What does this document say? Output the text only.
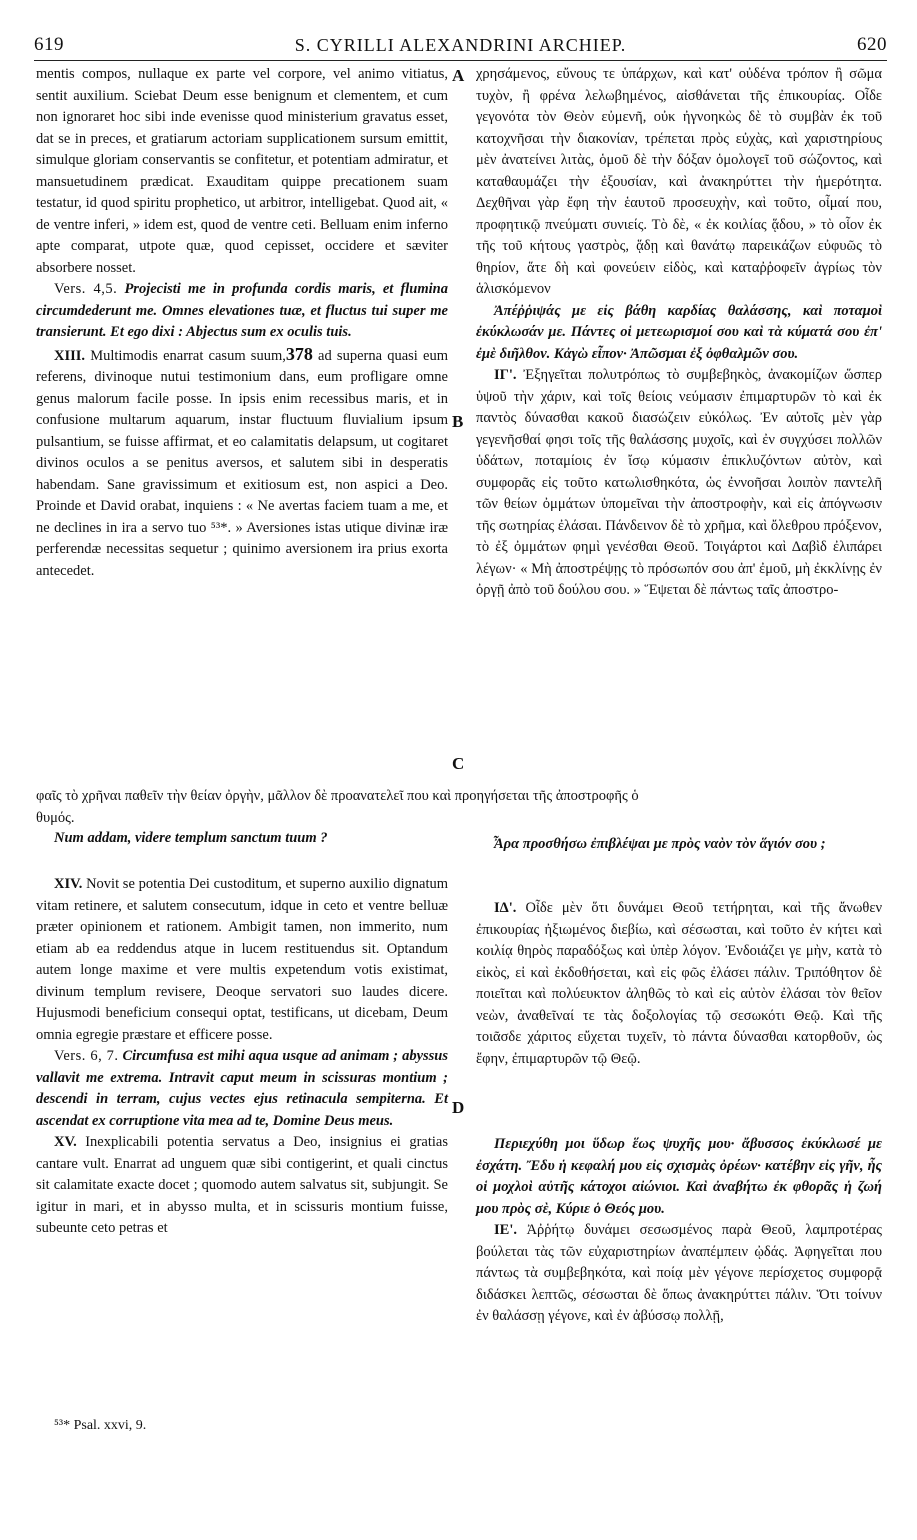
619	S. CYRILLI ALEXANDRINI ARCHIEP.	620
A
B
C
D

mentis compos, nullaque ex parte vel corpore, vel animo vitiatus, sentit auxilium. Sciebat Deum esse benignum et clementem, et cum non ignoraret hoc sibi inde evenisse quod ministerium gravatus esset, dat se in preces, et gratiarum actoriam supplicationem sursum emittit, simulque gloriam conservantis se confitetur, et potentiam admiratur, et mansuetudinem prædicat. Exauditam quippe precationem suam testatur, id quod spiritu prophetico, ut arbitror, intelligebat. Quod ait, « de ventre inferi, » idem est, quod de ventre ceti. Belluam enim inferno apte comparat, utpote quæ, quod cepisset, occidere et sæviter absorbere nosset.

Vers. 4,5. Projecisti me in profunda cordis maris, et flumina circumdederunt me. Omnes elevationes tuæ, et fluctus tui super me transierunt. Et ego dixi : Abjectus sum ex oculis tuis.

XIII. Multimodis enarrat casum suum,378 ad superna quasi eum referens, divinoque nutui testimonium dans, eum profligare omne genus malorum facile posse. In ipsis enim recessibus maris, et in confusione multarum aquarum, instar fluctuum fluvialium ipsum pulsantium, se fuisse affirmat, et eo calamitatis delapsum, ut cogitaret divinos oculos a se penitus aversos, et salutem sibi in desperatis habendam. Sane gravissimum et exitiosum est, non aspici a Deo. Proinde et David orabat, inquiens : « Ne avertas faciem tuam a me, et ne declines in ira a servo tuo ⁵³*. » Aversiones istas utique divinæ iræ perferendæ necessitas sequetur ; quinimo aversionem ira prius exorta antecedet.

Num addam, videre templum sanctum tuum ?

XIV. Novit se potentia Dei custoditum, et superno auxilio dignatum vitam retinere, et salutem consecutum, idque in ceto et ventre belluæ præter opinionem et rationem. Ambigit tamen, non immerito, num etiam ab ea reddendus atque in lucem restituendus sit. Optandum autem longe maxime et vere multis expetendum votis existimat, divinum templum revisere, Deoque servatori suo laudes dicere. Hujusmodi beneficium consequi optat, testificans, ut dicebam, Deum omnia egregie præstare et efficere posse.

Vers. 6, 7. Circumfusa est mihi aqua usque ad animam ; abyssus vallavit me extrema. Intravit caput meum in scissuras montium ; descendi in terram, cujus vectes ejus retinacula sempiterna. Et ascendat ex corruptione vita mea ad te, Domine Deus meus.

XV. Inexplicabili potentia servatus a Deo, insignius ei gratias cantare vult. Enarrat ad unguem quæ sibi contigerint, et quali cinctus sit calamitate exacte docet ; quomodo autem salvatus sit, subjungit. Se igitur in mari, et in abysso multa, et in scissuris montium fuisse, subeunte ceto petras et

χρησάμενος, εὔνους τε ὑπάρχων, καὶ κατ' οὐδένα τρόπον ἢ σῶμα τυχὸν, ἢ φρένα λελωβημένος, αἰσθάνεται τῆς ἐπικουρίας. Οἶδε γεγονότα τὸν Θεὸν εὐμενῆ, οὐκ ἠγνοηκὼς δὲ τὸ συμβὰν ἐκ τοῦ κατοχνῆσαι τὴν διακονίαν, τρέπεται πρὸς εὐχὰς, καὶ χαριστηρίους μὲν ἀνατείνει λιτὰς, ὁμοῦ δὲ τὴν δόξαν ὁμολογεῖ τοῦ σώζοντος, καὶ καταθαυμάζει τὴν ἐξουσίαν, καὶ ἀνακηρύττει τὴν ἡμερότητα. Δεχθῆναι γὰρ ἔφη τὴν ἑαυτοῦ προσευχὴν, καὶ τοῦτο, οἶμαί που, προφητικῷ πνεύματι συνιείς. Τὸ δὲ, « ἐκ κοιλίας ᾅδου, » τὸ οἷον ἐκ τῆς τοῦ κήτους γαστρὸς, ᾅδῃ καὶ θανάτῳ παρεικάζων εὐφυῶς τὸ θηρίον, ἅτε δὴ καὶ φονεύειν εἰδὸς, καὶ καταῤῥοφεῖν ἀγρίως τὸν ἁλισκόμενον

Ἀπέῤῥιψάς με εἰς βάθη καρδίας θαλάσσης, καὶ ποταμοὶ ἐκύκλωσάν με. Πάντες οἱ μετεωρισμοί σου καὶ τὰ κύματά σου ἐπ' ἐμὲ διῆλθον. Κἀγὼ εἶπον· Ἀπῶσμαι ἐξ ὀφθαλμῶν σου.

ΙΓ'. Ἐξηγεῖται πολυτρόπως τὸ συμβεβηκὸς, ἀνακομίζων ὥσπερ ὑψοῦ τὴν χάριν, καὶ τοῖς θείοις νεύμασιν ἐπιμαρτυρῶν τὸ καὶ ἐκ παντὸς δύνασθαι κακοῦ διασώζειν εὐκόλως. Ἐν αὐτοῖς μὲν γὰρ γεγενῆσθαί φησι τοῖς τῆς θαλάσσης μυχοῖς, καὶ ἐν συγχύσει πολλῶν ὑδάτων, ποταμίοις ἐν ἴσῳ κύμασιν ἐπικλυζόντων αὐτὸν, καὶ συμφορᾶς εἰς τοῦτο κατωλισθηκότα, ὡς ἐννοῆσαι λοιπὸν παντελῆ τῶν θείων ὀμμάτων ὑπομεῖναι τὴν ἀποστροφὴν, καὶ εἰς ἀπόγνωσιν τῆς σωτηρίας ἐλάσαι. Πάνδεινον δὲ τὸ χρῆμα, καὶ ὄλεθρου πρόξενον, τὸ ἐξ ὀμμάτων φημὶ γενέσθαι Θεοῦ. Τοιγάρτοι καὶ Δαβὶδ ἐλιπάρει λέγων· « Μὴ ἀποστρέψῃς τὸ πρόσωπόν σου ἀπ' ἐμοῦ, μὴ ἐκκλίνῃς ἐν ὀργῇ ἀπὸ τοῦ δούλου σου. » Ἕψεται δὲ πάντως ταῖς ἀποστρο-

Ἆρα προσθήσω ἐπιβλέψαι με πρὸς ναὸν τὸν ἅγιόν σου ;

ΙΔ'. Οἶδε μὲν ὅτι δυνάμει Θεοῦ τετήρηται, καὶ τῆς ἄνωθεν ἐπικουρίας ἠξιωμένος διεβίω, καὶ σέσωσται, καὶ τοῦτο ἐν κήτει καὶ κοιλίᾳ θηρὸς παραδόξως καὶ ὑπὲρ λόγον. Ἐνδοιάζει γε μὴν, κατὰ τὸ εἰκὸς, εἰ καὶ ἐκδοθήσεται, καὶ εἰς φῶς ἐλάσει πάλιν. Τριπόθητον δὲ ποιεῖται καὶ πολύευκτον ἀληθῶς τὸ καὶ εἰς αὐτὸν ἐλάσαι τὸν θεῖον νεὼν, ἀναθεῖναί τε τὰς δοξολογίας τῷ σεσωκότι Θεῷ. Καὶ τῆς τοιᾶσδε χάριτος εὔχεται τυχεῖν, τὸ πάντα δύνασθαι κατορθοῦν, ὡς ἔφην, ἐπιμαρτυρῶν τῷ Θεῷ.

Περιεχύθη μοι ὕδωρ ἕως ψυχῆς μου· ἄβυσσος ἐκύκλωσέ με ἐσχάτη. Ἔδυ ἡ κεφαλή μου εἰς σχισμὰς ὀρέων· κατέβην εἰς γῆν, ἧς οἱ μοχλοὶ αὐτῆς κάτοχοι αἰώνιοι. Καὶ ἀναβήτω ἐκ φθορᾶς ἡ ζωή μου πρὸς σὲ, Κύριε ὁ Θεός μου.

ΙΕ'. Ἀῤῥήτῳ δυνάμει σεσωσμένος παρὰ Θεοῦ, λαμπροτέρας βούλεται τὰς τῶν εὐχαριστηρίων ἀναπέμπειν ᾠδάς. Ἀφηγεῖται που πάντως τὰ συμβεβηκότα, καὶ ποίᾳ μὲν γέγονε περίσχετος συμφορᾷ διδάσκει λεπτῶς, σέσωσται δὲ ὅπως ἀνακηρύττει πάλιν. Ὅτι τοίνυν ἐν θαλάσσῃ γέγονε, καὶ ἐν ἀβύσσῳ πολλῇ,

φαῖς τὸ χρῆναι παθεῖν τὴν θείαν ὀργὴν, μᾶλλον δὲ προανατελεῖ που καὶ προηγήσεται τῆς ἀποστροφῆς ὁ
θυμός.
⁵³* Psal. xxvi, 9.
